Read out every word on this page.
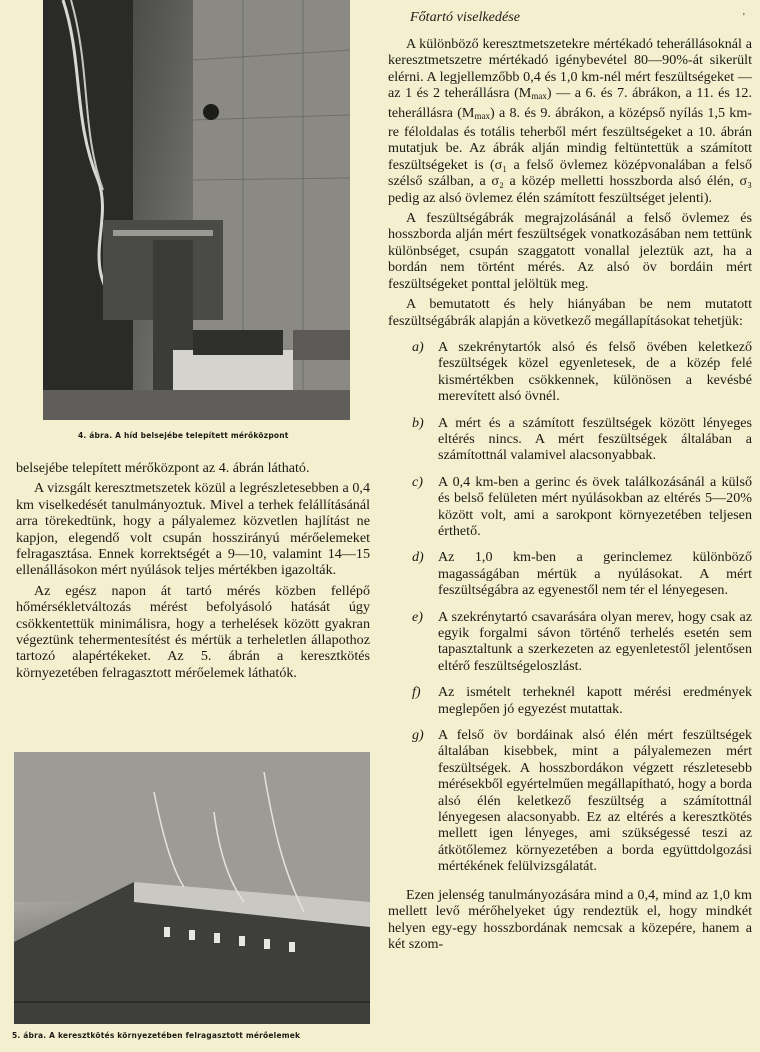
4. ábra. A híd belsejébe telepített mérőközpont

belsejébe telepített mérőközpont az 4. ábrán látható.

A vizsgált keresztmetszetek közül a legrészletesebben a 0,4 km viselkedését tanulmányoztuk. Mivel a terhek felállításánál arra törekedtünk, hogy a pályalemez közvetlen hajlítást ne kapjon, elegendő volt csupán hosszirányú mérőelemeket felragasztása. Ennek korrektségét a 9—10, valamint 14—15 ellenállásokon mért nyúlások teljes mértékben igazolták.

Az egész napon át tartó mérés közben fellépő hőmérsékletváltozás mérést befolyásoló hatását úgy csökkentettük minimálisra, hogy a terhelések között gyakran végeztünk tehermentesítést és mértük a terheletlen állapothoz tartozó alapértékeket. Az 5. ábrán a keresztkötés környezetében felragasztott mérőelemek láthatók.

5. ábra. A keresztkötés környezetében felragasztott mérőelemek
Főtartó viselkedése	'

A különböző keresztmetszetekre mértékadó teherállásoknál a keresztmetszetre mértékadó igénybevétel 80—90%-át sikerült elérni. A legjellemzőbb 0,4 és 1,0 km-nél mért feszültségeket — az 1 és 2 teherállásra $(M_{max})$ — a 6. és 7. ábrákon, a 11. és 12. teherállásra $(M_{max})$ a 8. és 9. ábrákon, a középső nyílás 1,5 km-re féloldalas és totális teherből mért feszültségeket a 10. ábrán mutatjuk be. Az ábrák alján mindig feltüntettük a számított feszültségeket is (σ₁ a felső övlemez középvonalában a felső szélső szálban, a σ₂ a közép melletti hosszborda alsó élén, σ₃ pedig az alsó övlemez élén számított feszültséget jelenti).

A feszültségábrák megrajzolásánál a felső övlemez és hosszborda alján mért feszültségek vonatkozásában nem tettünk különbséget, csupán szaggatott vonallal jeleztük azt, ha a bordán nem történt mérés. Az alsó öv bordáin mért feszültségeket ponttal jelöltük meg.

A bemutatott és hely hiányában be nem mutatott feszültségábrák alapján a következő megállapításokat tehetjük:

a) A szekrénytartók alsó és felső övében keletkező feszültségek közel egyenletesek, de a közép felé kismértékben csökkennek, különösen a kevésbé merevített alsó övnél.

b) A mért és a számított feszültségek között lényeges eltérés nincs. A mért feszültségek általában a számítottnál valamivel alacsonyabbak.

c) A 0,4 km-ben a gerinc és övek találkozásánál a külső és belső felületen mért nyúlásokban az eltérés 5—20% között volt, ami a sarokpont környezetében teljesen érthető.

d) Az 1,0 km-ben a gerinclemez különböző magasságában mértük a nyúlásokat. A mért feszültségábra az egyenestől nem tér el lényegesen.

e) A szekrénytartó csavarására olyan merev, hogy csak az egyik forgalmi sávon történő terhelés esetén sem tapasztaltunk a szerkezeten az egyenletestől jelentősen eltérő feszültségeloszlást.

f) Az ismételt terheknél kapott mérési eredmények meglepően jó egyezést mutattak.

g) A felső öv bordáinak alsó élén mért feszültségek általában kisebbek, mint a pályalemezen mért feszültségek. A hosszbordákon végzett részletesebb mérésekből egyértelműen megállapítható, hogy a borda alsó élén keletkező feszültség a számítottnál lényegesen alacsonyabb. Ez az eltérés a keresztkötés mellett igen lényeges, ami szükségessé teszi az átkötőlemez környezetében a borda együttdolgozási mértékének felülvizsgálatát.

Ezen jelenség tanulmányozására mind a 0,4, mind az 1,0 km mellett levő mérőhelyeket úgy rendeztük el, hogy mindkét helyen egy-egy hosszbordának nemcsak a közepére, hanem a két szom-
